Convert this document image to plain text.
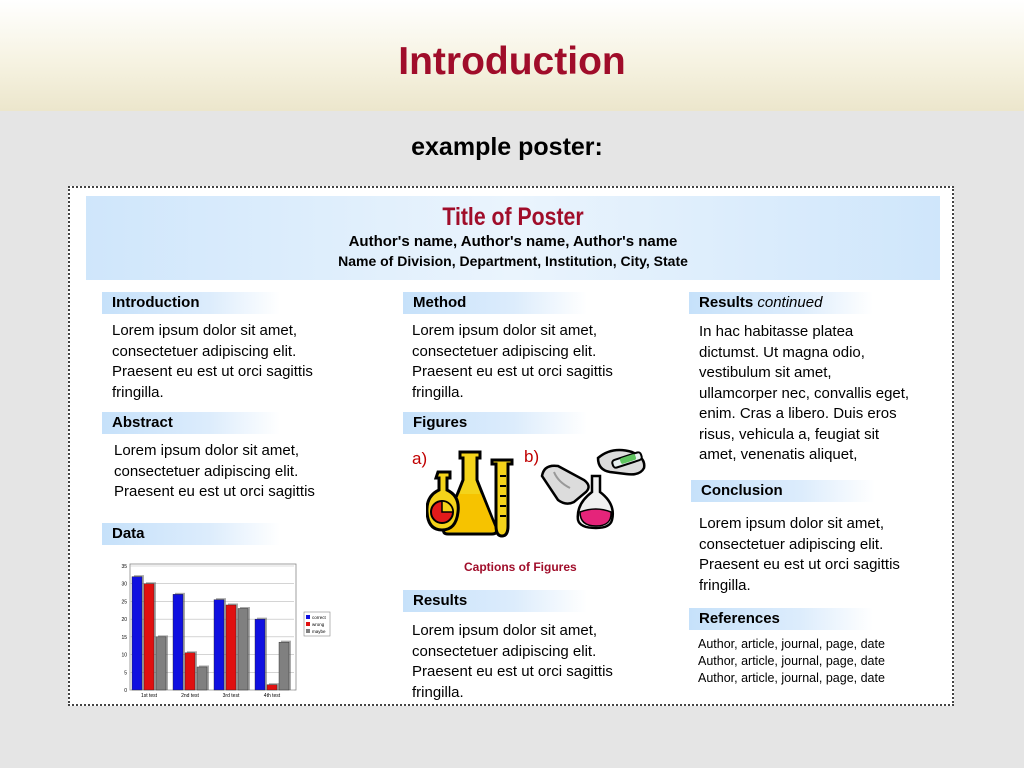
Introduction
example poster:
Title of Poster
Author's name, Author's name, Author's name
Name of Division, Department, Institution, City, State
Introduction
Lorem ipsum dolor sit amet,
consectetuer adipiscing elit.
Praesent eu est ut orci sagittis
fringilla.
Abstract
Lorem ipsum dolor sit amet,
consectetuer adipiscing elit.
Praesent eu est ut orci sagittis
Data
0
5
10
15
20
25
30
35
1st test	2nd test	3rd test	4th test
correct
wrong
maybe
Method
Lorem ipsum dolor sit amet,
consectetuer adipiscing elit.
Praesent eu est ut orci sagittis
fringilla.
Figures
a)	b)
Captions of Figures
Results
Lorem ipsum dolor sit amet,
consectetuer adipiscing elit.
Praesent eu est ut orci sagittis
fringilla.
Results continued
In hac habitasse platea
dictumst. Ut magna odio,
vestibulum sit amet,
ullamcorper nec, convallis eget,
enim. Cras a libero. Duis eros
risus, vehicula a, feugiat sit
amet, venenatis aliquet,
Conclusion
Lorem ipsum dolor sit amet,
consectetuer adipiscing elit.
Praesent eu est ut orci sagittis
fringilla.
References
Author, article, journal, page, date
Author, article, journal, page, date
Author, article, journal, page, date
